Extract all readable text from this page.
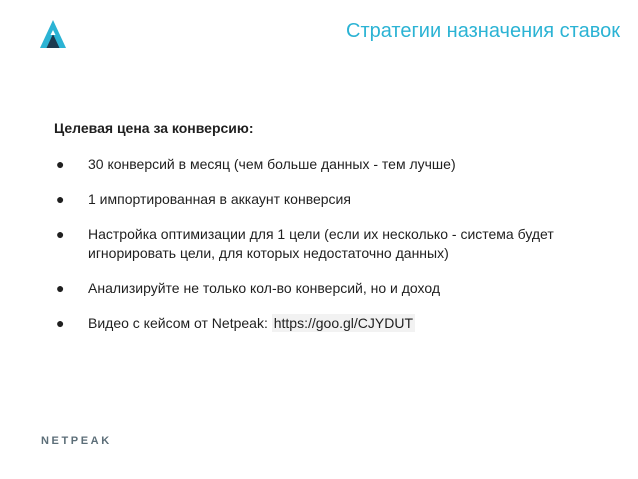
Стратегии назначения ставок
Целевая цена за конверсию:
● 30 конверсий в месяц (чем больше данных - тем лучше)
● 1 импортированная в аккаунт конверсия
● Настройка оптимизации для 1 цели (если их несколько - система будет игнорировать цели, для которых недостаточно данных)
● Анализируйте не только кол-во конверсий, но и доход
● Видео с кейсом от Netpeak: https://goo.gl/CJYDUT
NETPEAK
